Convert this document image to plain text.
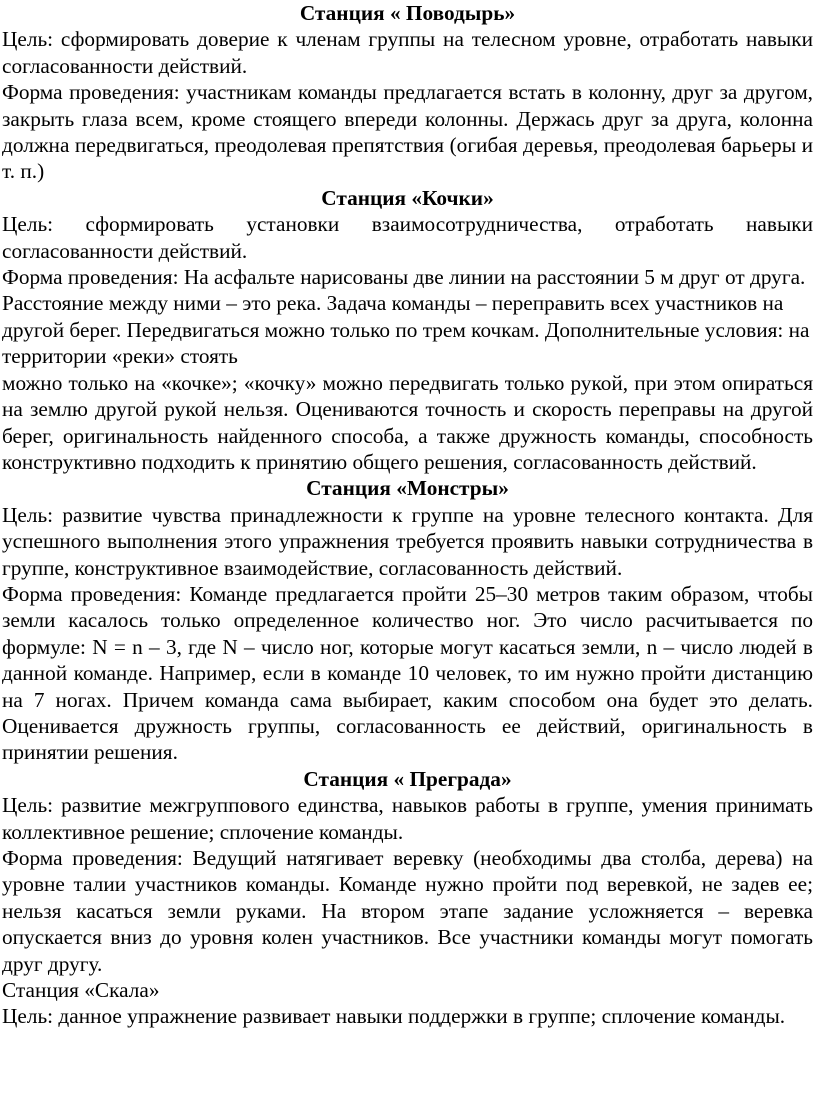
Станция « Поводырь»

Цель: сформировать доверие к членам группы на телесном уровне, отработать навыки согласованности действий.

Форма проведения: участникам команды предлагается встать в колонну, друг за другом, закрыть глаза всем, кроме стоящего впереди колонны. Держась друг за друга, колонна должна передвигаться, преодолевая препятствия (огибая деревья, преодолевая барьеры и т. п.)

Станция «Кочки»

Цель: сформировать установки взаимосотрудничества, отработать навыки согласованности действий.

Форма проведения: На асфальте нарисованы две линии на расстоянии 5 м друг от друга. Расстояние между ними – это река. Задача команды – переправить всех участников на другой берег. Передвигаться можно только по трем кочкам. Дополнительные условия: на территории «реки» стоять

можно только на «кочке»; «кочку» можно передвигать только рукой, при этом опираться на землю другой рукой нельзя. Оцениваются точность и скорость переправы на другой берег, оригинальность найденного способа, а также дружность команды, способность конструктивно подходить к принятию общего решения, согласованность действий.

Станция «Монстры»

Цель: развитие чувства принадлежности к группе на уровне телесного контакта. Для успешного выполнения этого упражнения требуется проявить навыки сотрудничества в группе, конструктивное взаимодействие, согласованность действий.

Форма проведения: Команде предлагается пройти 25–30 метров таким образом, чтобы земли касалось только определенное количество ног. Это число расчитывается по формуле: N = n – 3, где N – число ног, которые могут касаться земли, n – число людей в данной команде. Например, если в команде 10 человек, то им нужно пройти дистанцию на 7 ногах. Причем команда сама выбирает, каким способом она будет это делать. Оценивается дружность группы, согласованность ее действий, оригинальность в принятии решения.

Станция « Преграда»

Цель: развитие межгруппового единства, навыков работы в группе, умения принимать коллективное решение; сплочение команды.

Форма проведения: Ведущий натягивает веревку (необходимы два столба, дерева) на уровне талии участников команды. Команде нужно пройти под веревкой, не задев ее; нельзя касаться земли руками. На втором этапе задание усложняется – веревка опускается вниз до уровня колен участников. Все участники команды могут помогать друг другу.

Станция «Скала»

Цель: данное упражнение развивает навыки поддержки в группе; сплочение команды.
